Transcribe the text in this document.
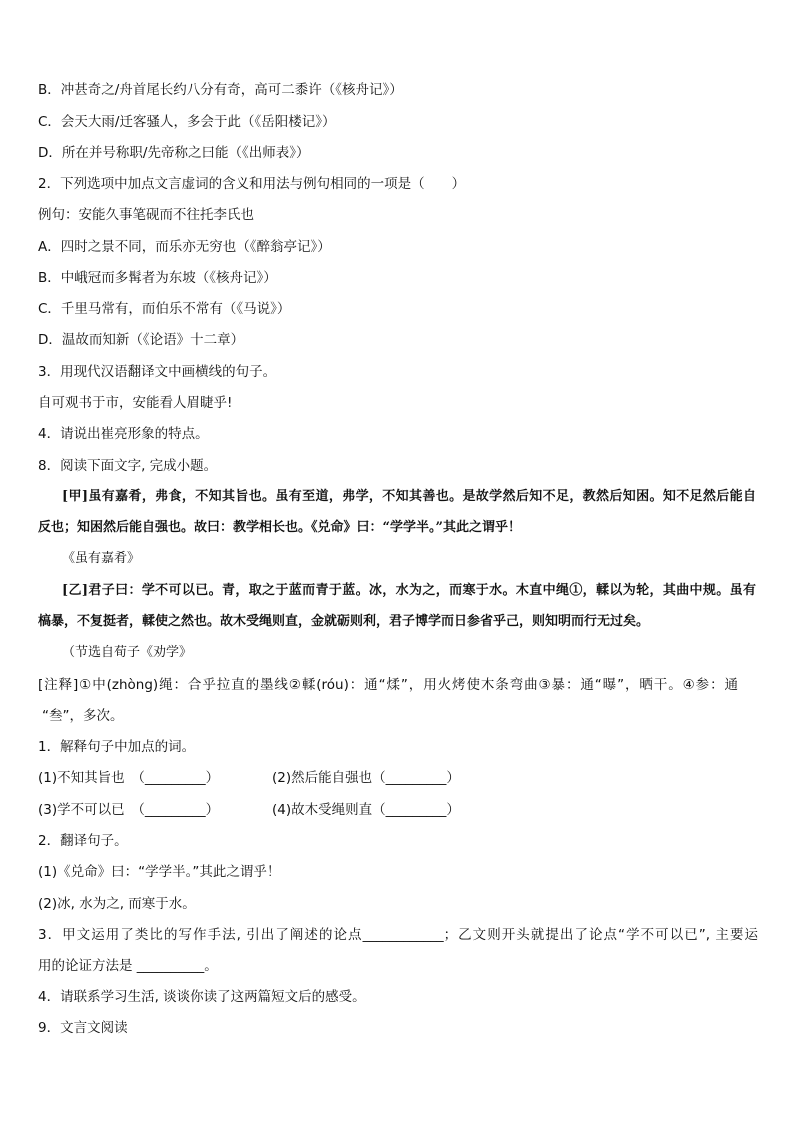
B．冲甚奇之/舟首尾长约八分有奇，高可二黍许（《核舟记》）
C．会天大雨/迁客骚人，多会于此（《岳阳楼记》）
D．所在并号称职/先帝称之曰能（《出师表》）
2．下列选项中加点文言虚词的含义和用法与例句相同的一项是（　　）
例句：安能久事笔砚而不往托李氏也
A．四时之景不同，而乐亦无穷也（《醉翁亭记》）
B．中峨冠而多髯者为东坡（《核舟记》）
C．千里马常有，而伯乐不常有（《马说》）
D．温故而知新（《论语》十二章）
3．用现代汉语翻译文中画横线的句子。
自可观书于市，安能看人眉睫乎!
4．请说出崔亮形象的特点。
8．阅读下面文字, 完成小题。
[甲]虽有嘉肴，弗食，不知其旨也。虽有至道，弗学，不知其善也。是故学然后知不足，教然后知困。知不足然后能自
反也；知困然后能自强也。故曰：教学相长也。《兑命》曰：“学学半。”其此之谓乎！
《虽有嘉肴》
[乙]君子曰：学不可以已。青，取之于蓝而青于蓝。冰，水为之，而寒于水。木直中绳①，輮以为轮，其曲中规。虽有
槁暴，不复挺者，輮使之然也。故木受绳则直，金就砺则利，君子博学而日参省乎己，则知明而行无过矣。
（节选自荀子《劝学》
[注释]①中(zhòng)绳：合乎拉直的墨线②輮(róu)：通“煣”，用火烤使木条弯曲③暴：通“曝”，晒干。④参：通
“叁”，多次。
1．解释句子中加点的词。
(1)不知其旨也　（_________）	(2)然后能自强也（_________）
(3)学不可以已　（_________）	(4)故木受绳则直（_________）
2．翻译句子。
(1)《兑命》曰：“学学半。”其此之谓乎！
(2)冰, 水为之, 而寒于水。
3．甲文运用了类比的写作手法, 引出了阐述的论点____________；乙文则开头就提出了论点“学不可以已”, 主要运
用的论证方法是 __________。
4．请联系学习生活, 谈谈你读了这两篇短文后的感受。
9．文言文阅读
